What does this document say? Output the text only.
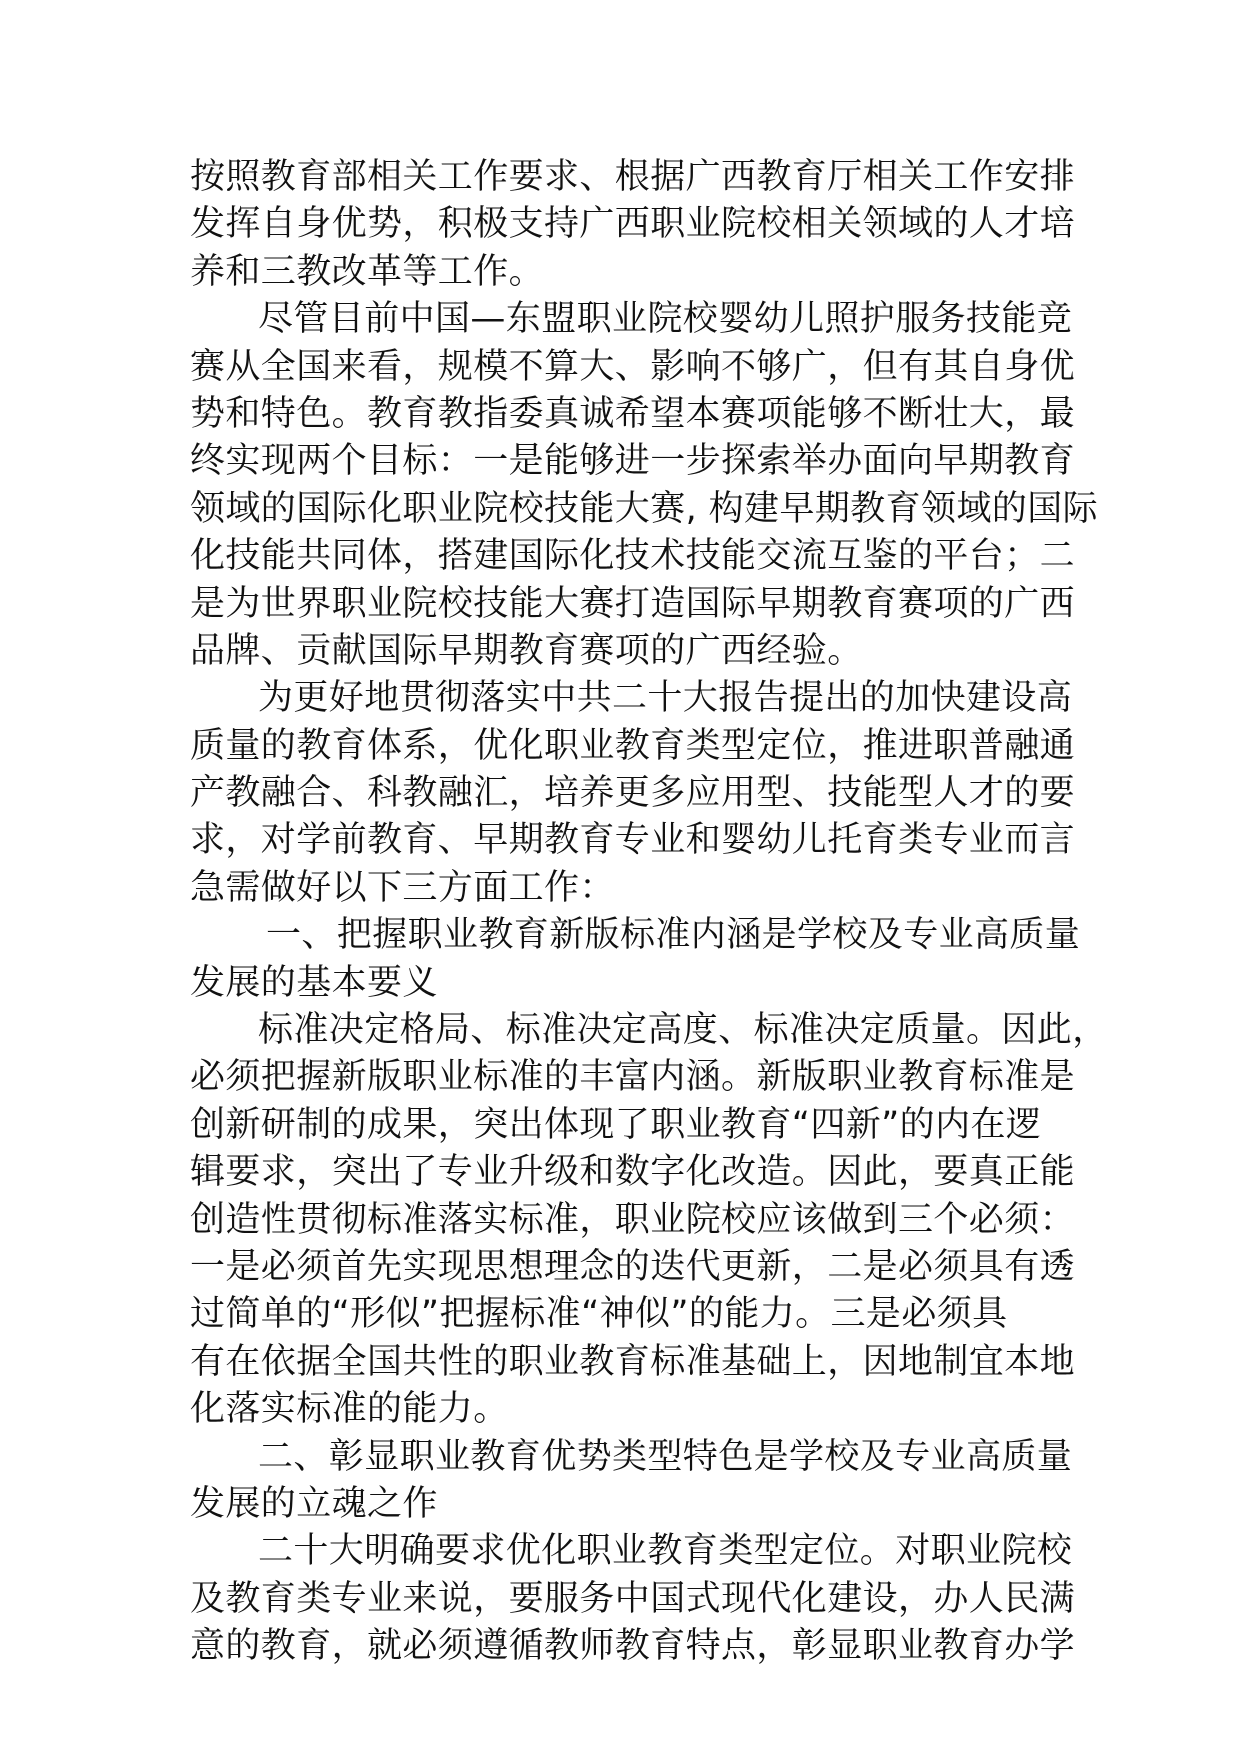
按照教育部相关工作要求、根据广西教育厅相关工作安排
发挥自身优势，积极支持广西职业院校相关领域的人才培
养和三教改革等工作。
尽管目前中国—东盟职业院校婴幼儿照护服务技能竞
赛从全国来看，规模不算大、影响不够广，但有其自身优
势和特色。教育教指委真诚希望本赛项能够不断壮大，最
终实现两个目标：一是能够进一步探索举办面向早期教育
领域的国际化职业院校技能大赛, 构建早期教育领域的国际
化技能共同体，搭建国际化技术技能交流互鉴的平台；二
是为世界职业院校技能大赛打造国际早期教育赛项的广西
品牌、贡献国际早期教育赛项的广西经验。
为更好地贯彻落实中共二十大报告提出的加快建设高
质量的教育体系，优化职业教育类型定位，推进职普融通
产教融合、科教融汇，培养更多应用型、技能型人才的要
求，对学前教育、早期教育专业和婴幼儿托育类专业而言
急需做好以下三方面工作：
一、把握职业教育新版标准内涵是学校及专业高质量
发展的基本要义
标准决定格局、标准决定高度、标准决定质量。因此，
必须把握新版职业标准的丰富内涵。新版职业教育标准是
创新研制的成果，突出体现了职业教育“四新”的内在逻
辑要求，突出了专业升级和数字化改造。因此，要真正能
创造性贯彻标准落实标准，职业院校应该做到三个必须：
一是必须首先实现思想理念的迭代更新，二是必须具有透
过简单的“形似”把握标准“神似”的能力。三是必须具
有在依据全国共性的职业教育标准基础上，因地制宜本地
化落实标准的能力。
二、彰显职业教育优势类型特色是学校及专业高质量
发展的立魂之作
二十大明确要求优化职业教育类型定位。对职业院校
及教育类专业来说，要服务中国式现代化建设，办人民满
意的教育，就必须遵循教师教育特点，彰显职业教育办学
